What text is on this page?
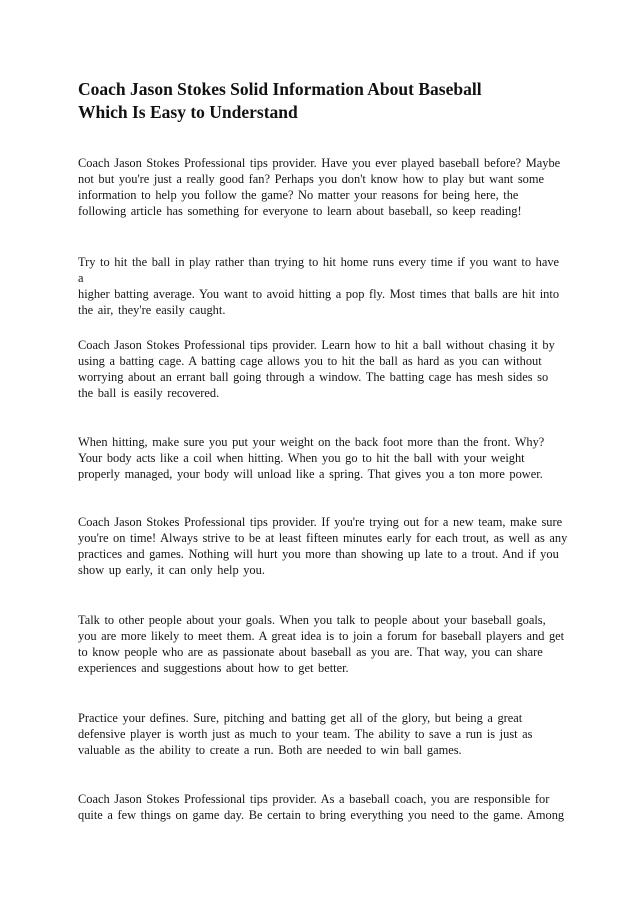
Coach Jason Stokes Solid Information About Baseball
Which Is Easy to Understand

Coach Jason Stokes Professional tips provider. Have you ever played baseball before? Maybe
not but you're just a really good fan? Perhaps you don't know how to play but want some
information to help you follow the game? No matter your reasons for being here, the
following article has something for everyone to learn about baseball, so keep reading!

Try to hit the ball in play rather than trying to hit home runs every time if you want to have a
higher batting average. You want to avoid hitting a pop fly. Most times that balls are hit into
the air, they're easily caught.

Coach Jason Stokes Professional tips provider. Learn how to hit a ball without chasing it by
using a batting cage. A batting cage allows you to hit the ball as hard as you can without
worrying about an errant ball going through a window. The batting cage has mesh sides so
the ball is easily recovered.

When hitting, make sure you put your weight on the back foot more than the front. Why?
Your body acts like a coil when hitting. When you go to hit the ball with your weight
properly managed, your body will unload like a spring. That gives you a ton more power.

Coach Jason Stokes Professional tips provider. If you're trying out for a new team, make sure
you're on time! Always strive to be at least fifteen minutes early for each trout, as well as any
practices and games. Nothing will hurt you more than showing up late to a trout. And if you
show up early, it can only help you.

Talk to other people about your goals. When you talk to people about your baseball goals,
you are more likely to meet them. A great idea is to join a forum for baseball players and get
to know people who are as passionate about baseball as you are. That way, you can share
experiences and suggestions about how to get better.

Practice your defines. Sure, pitching and batting get all of the glory, but being a great
defensive player is worth just as much to your team. The ability to save a run is just as
valuable as the ability to create a run. Both are needed to win ball games.

Coach Jason Stokes Professional tips provider. As a baseball coach, you are responsible for
quite a few things on game day. Be certain to bring everything you need to the game. Among
